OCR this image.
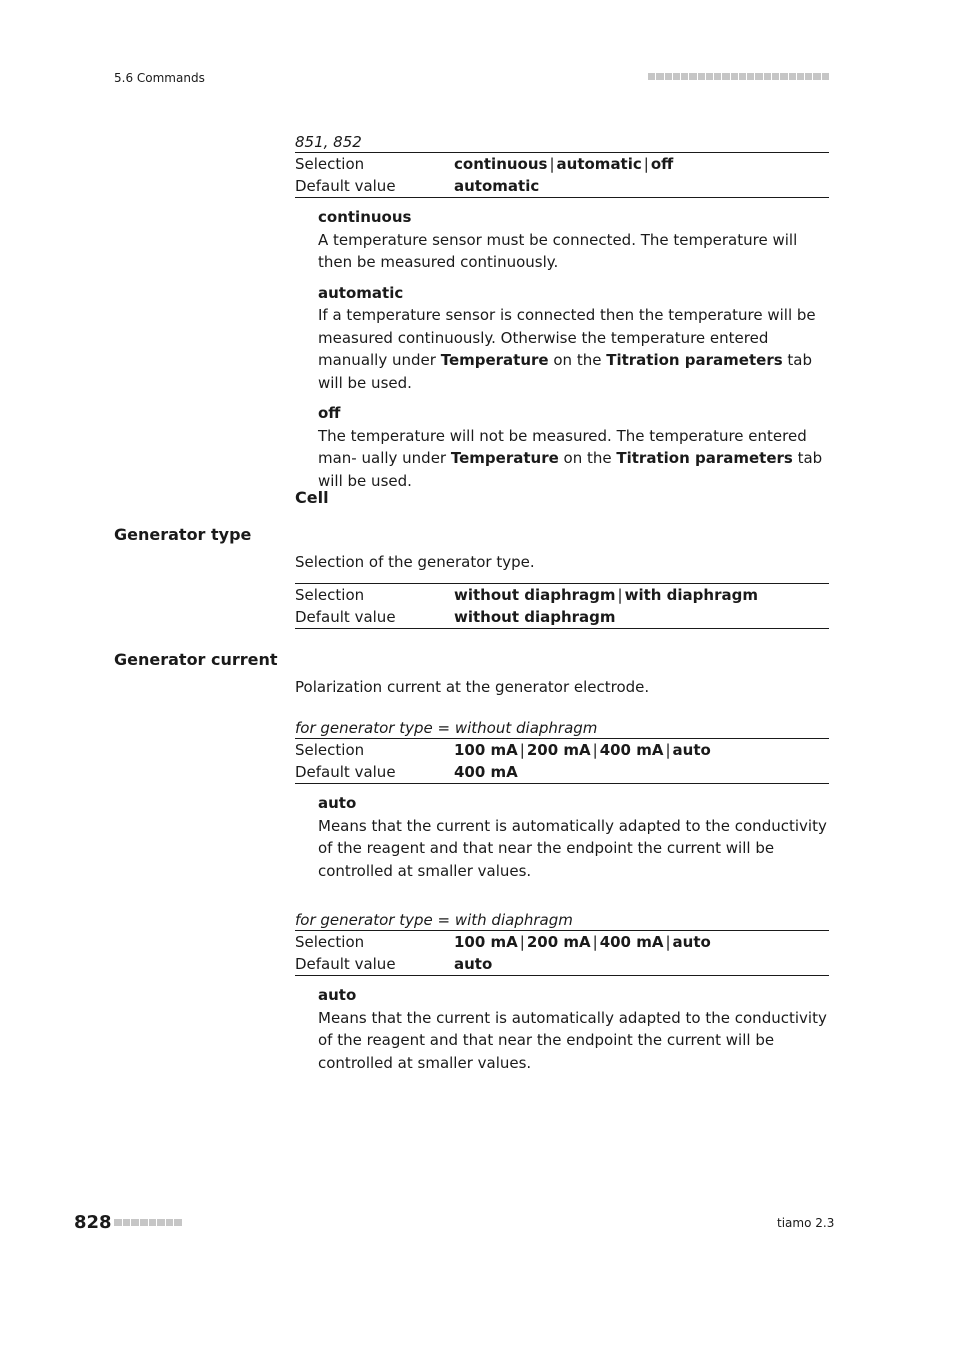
5.6 Commands
851, 852
Selection	continuous | automatic | off
Default value	automatic
continuous

A temperature sensor must be connected. The temperature will then be measured continuously.

automatic

If a temperature sensor is connected then the temperature will be measured continuously. Otherwise the temperature entered manually under Temperature on the Titration parameters tab will be used.

off

The temperature will not be measured. The temperature entered man- ually under Temperature on the Titration parameters tab will be used.

Cell
Generator type
Selection of the generator type.
Selection	without diaphragm | with diaphragm
Default value	without diaphragm
Generator current
Polarization current at the generator electrode.
for generator type = without diaphragm
Selection	100 mA | 200 mA | 400 mA | auto
Default value	400 mA
auto

Means that the current is automatically adapted to the conductivity of the reagent and that near the endpoint the current will be controlled at smaller values.

for generator type = with diaphragm
Selection	100 mA | 200 mA | 400 mA | auto
Default value	auto
auto

Means that the current is automatically adapted to the conductivity of the reagent and that near the endpoint the current will be controlled at smaller values.

828	tiamo 2.3
